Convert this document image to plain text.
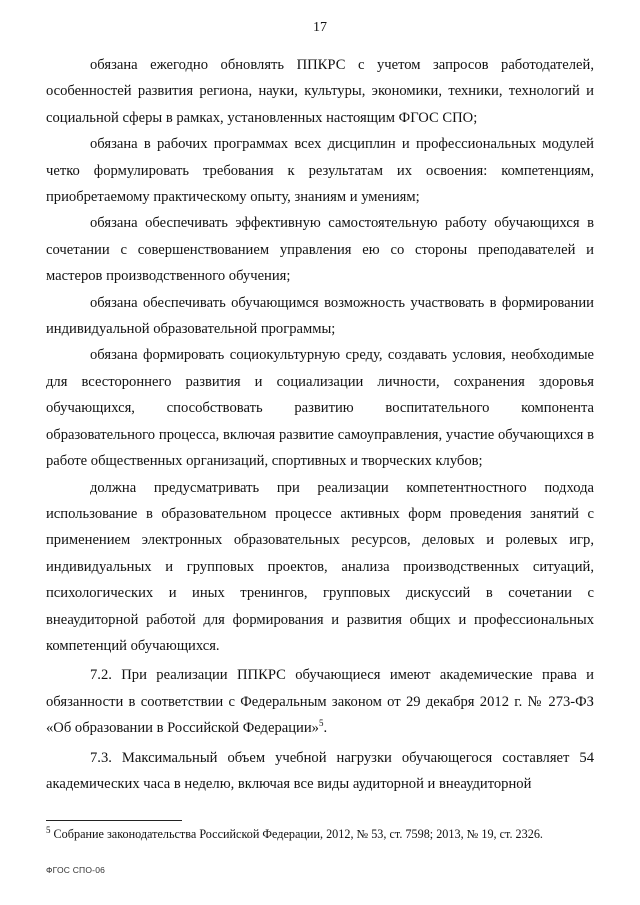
17

обязана ежегодно обновлять ППКРС с учетом запросов работодателей, особенностей развития региона, науки, культуры, экономики, техники, технологий и социальной сферы в рамках, установленных настоящим ФГОС СПО;

обязана в рабочих программах всех дисциплин и профессиональных модулей четко формулировать требования к результатам их освоения: компетенциям, приобретаемому практическому опыту, знаниям и умениям;

обязана обеспечивать эффективную самостоятельную работу обучающихся в сочетании с совершенствованием управления ею со стороны преподавателей и мастеров производственного обучения;

обязана обеспечивать обучающимся возможность участвовать в формировании индивидуальной образовательной программы;

обязана формировать социокультурную среду, создавать условия, необходимые для всестороннего развития и социализации личности, сохранения здоровья обучающихся, способствовать развитию воспитательного компонента образовательного процесса, включая развитие самоуправления, участие обучающихся в работе общественных организаций, спортивных и творческих клубов;

должна предусматривать при реализации компетентностного подхода использование в образовательном процессе активных форм проведения занятий с применением электронных образовательных ресурсов, деловых и ролевых игр, индивидуальных и групповых проектов, анализа производственных ситуаций, психологических и иных тренингов, групповых дискуссий в сочетании с внеаудиторной работой для формирования и развития общих и профессиональных компетенций обучающихся.

7.2. При реализации ППКРС обучающиеся имеют академические права и обязанности в соответствии с Федеральным законом от 29 декабря 2012 г. № 273-ФЗ «Об образовании в Российской Федерации»$^5$.

7.3. Максимальный объем учебной нагрузки обучающегося составляет 54 академических часа в неделю, включая все виды аудиторной и внеаудиторной

$^5$ Собрание законодательства Российской Федерации, 2012, № 53, ст. 7598; 2013, № 19, ст. 2326.
ФГОС СПО-06
